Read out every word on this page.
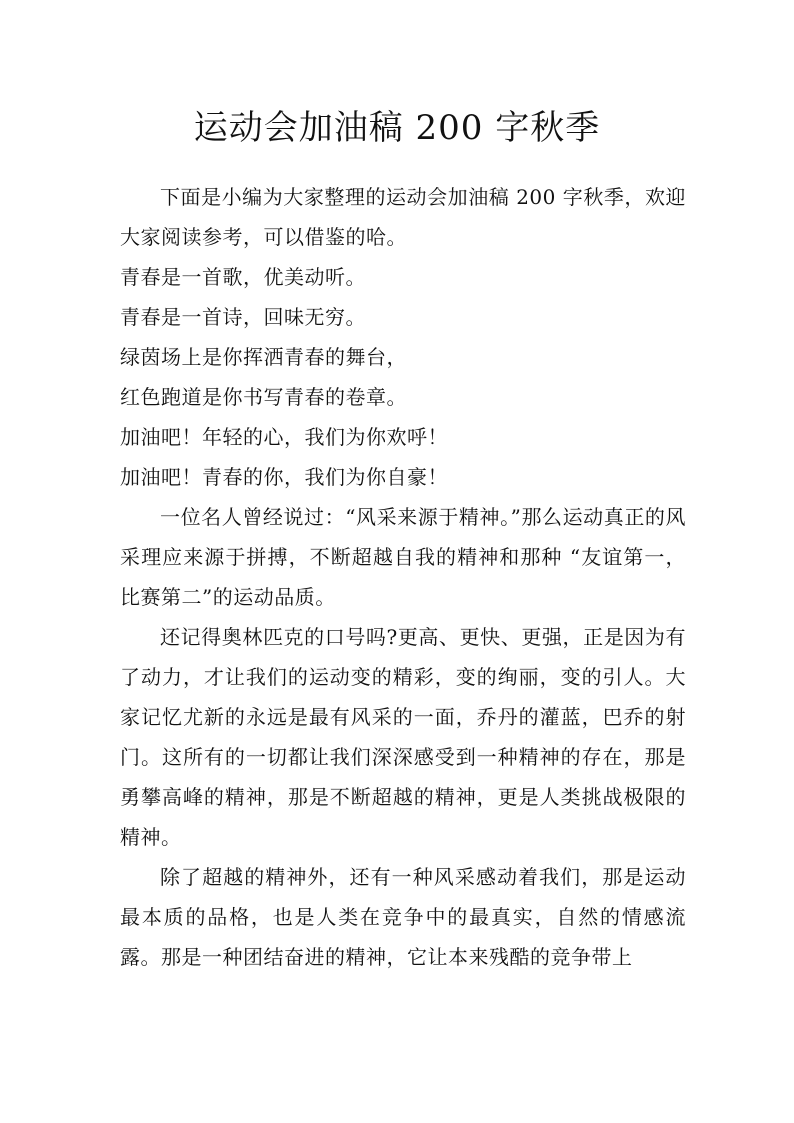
运动会加油稿 200 字秋季

下面是小编为大家整理的运动会加油稿 200 字秋季，欢迎大家阅读参考，可以借鉴的哈。

青春是一首歌，优美动听。

青春是一首诗，回味无穷。

绿茵场上是你挥洒青春的舞台，

红色跑道是你书写青春的卷章。

加油吧！年轻的心，我们为你欢呼！

加油吧！青春的你，我们为你自豪！

一位名人曾经说过：“风采来源于精神。”那么运动真正的风采理应来源于拼搏，不断超越自我的精神和那种 “友谊第一，比赛第二”的运动品质。

还记得奥林匹克的口号吗?更高、更快、更强，正是因为有了动力，才让我们的运动变的精彩，变的绚丽，变的引人。大家记忆尤新的永远是最有风采的一面，乔丹的灌蓝，巴乔的射门。这所有的一切都让我们深深感受到一种精神的存在，那是勇攀高峰的精神，那是不断超越的精神，更是人类挑战极限的精神。

除了超越的精神外，还有一种风采感动着我们，那是运动最本质的品格，也是人类在竞争中的最真实，自然的情感流露。那是一种团结奋进的精神，它让本来残酷的竞争带上
